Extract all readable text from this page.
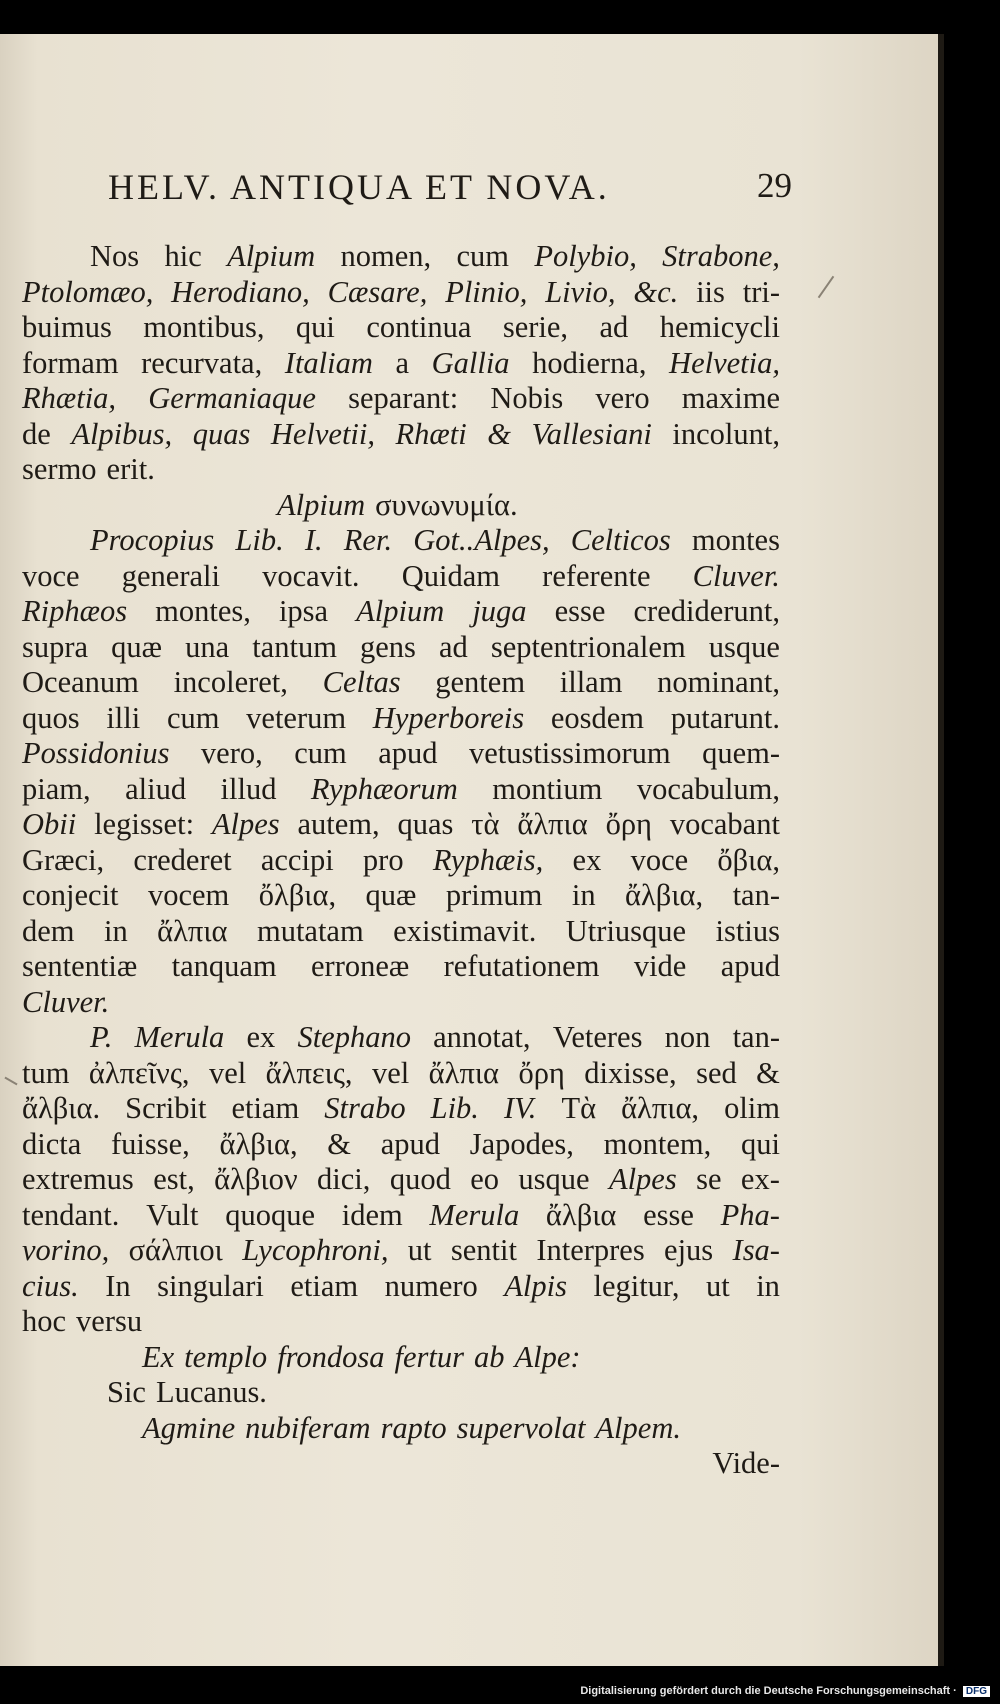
HELV. ANTIQUA ET NOVA.	29
Nos hic Alpium nomen, cum Polybio, Strabone,
Ptolomæo, Herodiano, Cæsare, Plinio, Livio, &c. iis tri-
buimus montibus, qui continua serie, ad hemicycli
formam recurvata, Italiam a Gallia hodierna, Helvetia,
Rhætia, Germaniaque separant: Nobis vero maxime
de Alpibus, quas Helvetii, Rhæti & Vallesiani incolunt,
sermo erit.
Alpium συνωνυμία.
Procopius Lib. I. Rer. Got..Alpes, Celticos montes
voce generali vocavit. Quidam referente Cluver.
Riphæos montes, ipsa Alpium juga esse crediderunt,
supra quæ una tantum gens ad septentrionalem usque
Oceanum incoleret, Celtas gentem illam nominant,
quos illi cum veterum Hyperboreis eosdem putarunt.
Possidonius vero, cum apud vetustissimorum quem-
piam, aliud illud Ryphæorum montium vocabulum,
Obii legisset: Alpes autem, quas τὰ ἄλπια ὄρη vocabant
Græci, crederet accipi pro Ryphæis, ex voce ὄβια,
conjecit vocem ὄλβια, quæ primum in ἄλβια, tan-
dem in ἄλπια mutatam existimavit. Utriusque istius
sententiæ tanquam erroneæ refutationem vide apud
Cluver.
P. Merula ex Stephano annotat, Veteres non tan-
tum ἀλπεῖνς, vel ἄλπεις, vel ἄλπια ὄρη dixisse, sed &
ἄλβια. Scribit etiam Strabo Lib. IV. Τὰ ἄλπια, olim
dicta fuisse, ἄλβια, & apud Japodes, montem, qui
extremus est, ἄλβιον dici, quod eo usque Alpes se ex-
tendant. Vult quoque idem Merula ἄλβια esse Pha-
vorino, σάλπιοι Lycophroni, ut sentit Interpres ejus Isa-
cius. In singulari etiam numero Alpis legitur, ut in
hoc versu
Ex templo frondosa fertur ab Alpe:
Sic Lucanus.
Agmine nubiferam rapto supervolat Alpem.
Vide-
Digitalisierung gefördert durch die Deutsche Forschungsgemeinschaft · DFG
